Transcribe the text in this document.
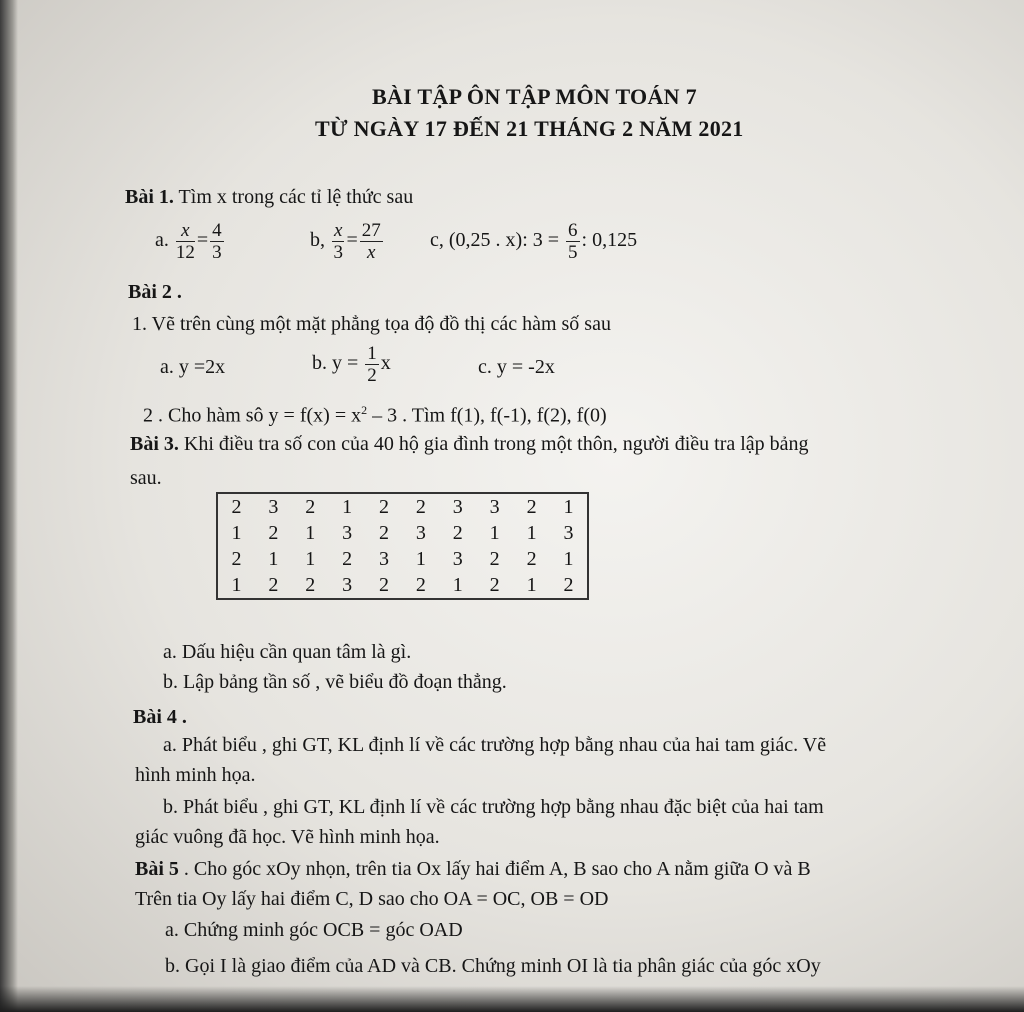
BÀI TẬP ÔN TẬP MÔN TOÁN 7
TỪ NGÀY 17 ĐẾN 21 THÁNG 2 NĂM 2021
Bài 1. Tìm x trong các tỉ lệ thức sau
a. $\frac{x}{12} = \frac{4}{3}$	b, $\frac{x}{3} = \frac{27}{x} c$, (0,25 . x): $3 = \frac{6}{5}$ : 0,125
Bài 2 .
1. Vẽ trên cùng một mặt phẳng tọa độ đồ thị các hàm số sau
a. y =2x	b. $y = \frac{1}{2}$ x	c. y = -2x
2 . Cho hàm sô $y = f(x) = x^2 - 3$ . Tìm f(1), f(-1), f(2), f(0)
Bài 3. Khi điều tra số con của 40 hộ gia đình trong một thôn, người điều tra lập bảng
sau.
2	3	2	1	2	2	3	3	2	1
1	2	1	3	2	3	2	1	1	3
2	1	1	2	3	1	3	2	2	1
1	2	2	3	2	2	1	2	1	2
a. Dấu hiệu cần quan tâm là gì.
b. Lập bảng tần số , vẽ biểu đồ đoạn thẳng.
Bài 4 .
a. Phát biểu , ghi GT, KL định lí về các trường hợp bằng nhau của hai tam giác. Vẽ
hình minh họa.
b. Phát biểu , ghi GT, KL định lí về các trường hợp bằng nhau đặc biệt của hai tam
giác vuông đã học. Vẽ hình minh họa.
Bài 5 . Cho góc xOy nhọn, trên tia Ox lấy hai điểm A, B sao cho A nằm giữa O và B
Trên tia Oy lấy hai điểm C, D sao cho OA = OC, OB = OD
a. Chứng minh góc OCB = góc OAD
b. Gọi I là giao điểm của AD và CB. Chứng minh OI là tia phân giác của góc xOy
